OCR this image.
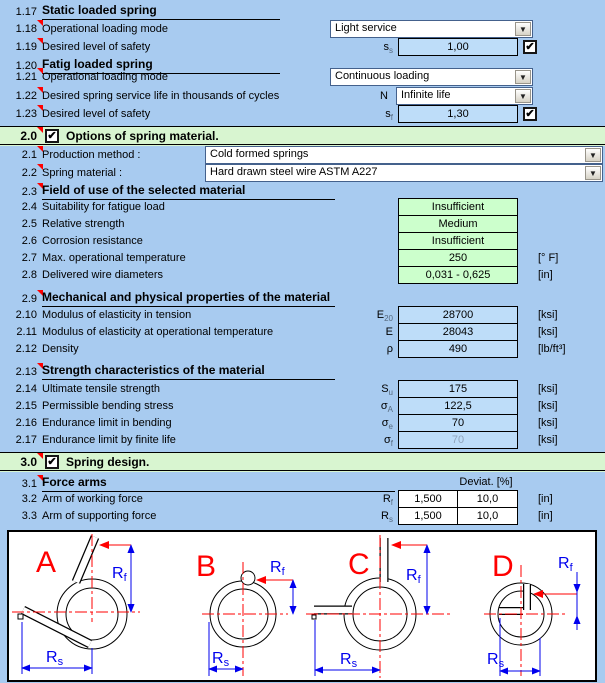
1.17 Static loaded spring
1.18 Operational loading mode	Light service	▼
1.19 Desired level of safety	$s_s$	1,00	✔
1.20 Fatig loaded spring
1.21 Operational loading mode	Continuous loading	▼
1.22 Desired spring service life in thousands of cycles	N	Infinite life	▼
1.23 Desired level of safety	$s_f$	1,30	✔
2.0 ✔ Options of spring material.
2.1 Production method :	Cold formed springs	▼
2.2 Spring material :	Hard drawn steel wire ASTM A227	▼
2.3 Field of use of the selected material
2.4 Suitability for fatigue load	Insufficient
2.5 Relative strength	Medium
2.6 Corrosion resistance	Insufficient
2.7 Max. operational temperature	250	[° F]
2.8 Delivered wire diameters	0,031 - 0,625	[in]
2.9 Mechanical and physical properties of the material
2.10 Modulus of elasticity in tension	$E_{20}$	28700	[ksi]
2.11 Modulus of elasticity at operational temperature	E	28043	[ksi]
2.12 Density	ρ	490	[lb/ft³]
2.13 Strength characteristics of the material
2.14 Ultimate tensile strength	$S_u$	175	[ksi]
2.15 Permissible bending stress	$\sigma_A$	122,5	[ksi]
2.16 Endurance limit in bending	$\sigma_e$	70	[ksi]
2.17 Endurance limit by finite life	$\sigma_f$	70	[ksi]
3.0 ✔ Spring design.
3.1 Force arms	Deviat. [%]
3.2 Arm of working force	$R_f$	1,500	10,0	[in]
3.3 Arm of supporting force	$R_s$	1,500	10,0	[in]
Rf
Rs
A	Rf
Rs
B	Rf
Rs
C	Rf
Rs
D
